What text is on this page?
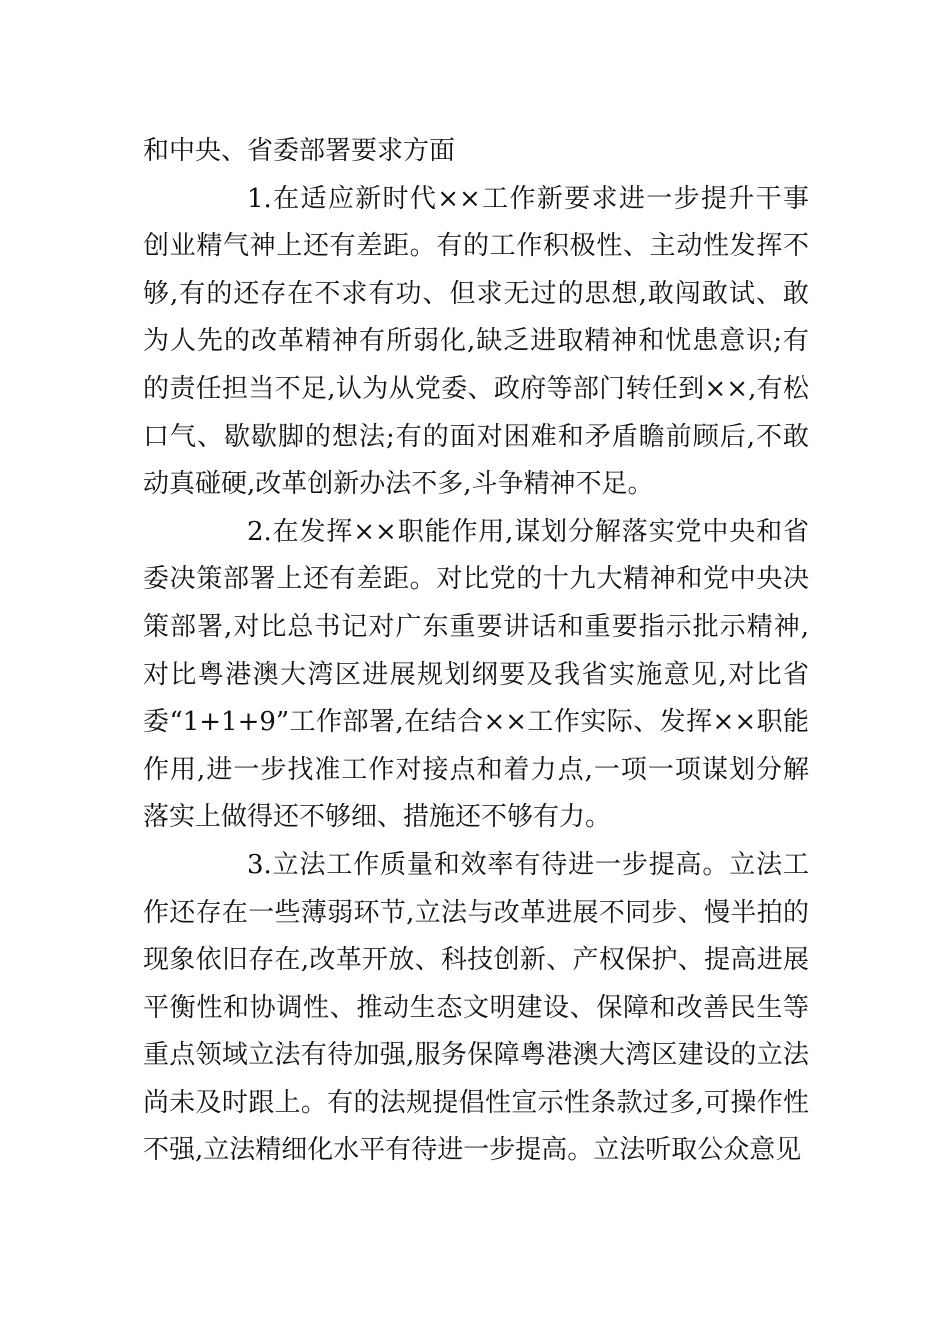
和中央、省委部署要求方面

1.在适应新时代××工作新要求进一步提升干事创业精气神上还有差距。有的工作积极性、主动性发挥不够,有的还存在不求有功、但求无过的思想,敢闯敢试、敢为人先的改革精神有所弱化,缺乏进取精神和忧患意识;有的责任担当不足,认为从党委、政府等部门转任到××,有松口气、歇歇脚的想法;有的面对困难和矛盾瞻前顾后,不敢动真碰硬,改革创新办法不多,斗争精神不足。

2.在发挥××职能作用,谋划分解落实党中央和省委决策部署上还有差距。对比党的十九大精神和党中央决策部署,对比总书记对广东重要讲话和重要指示批示精神,对比粤港澳大湾区进展规划纲要及我省实施意见,对比省委“1+1+9”工作部署,在结合××工作实际、发挥××职能作用,进一步找准工作对接点和着力点,一项一项谋划分解落实上做得还不够细、措施还不够有力。

3.立法工作质量和效率有待进一步提高。立法工作还存在一些薄弱环节,立法与改革进展不同步、慢半拍的现象依旧存在,改革开放、科技创新、产权保护、提高进展平衡性和协调性、推动生态文明建设、保障和改善民生等重点领域立法有待加强,服务保障粤港澳大湾区建设的立法尚未及时跟上。有的法规提倡性宣示性条款过多,可操作性不强,立法精细化水平有待进一步提高。立法听取公众意见
